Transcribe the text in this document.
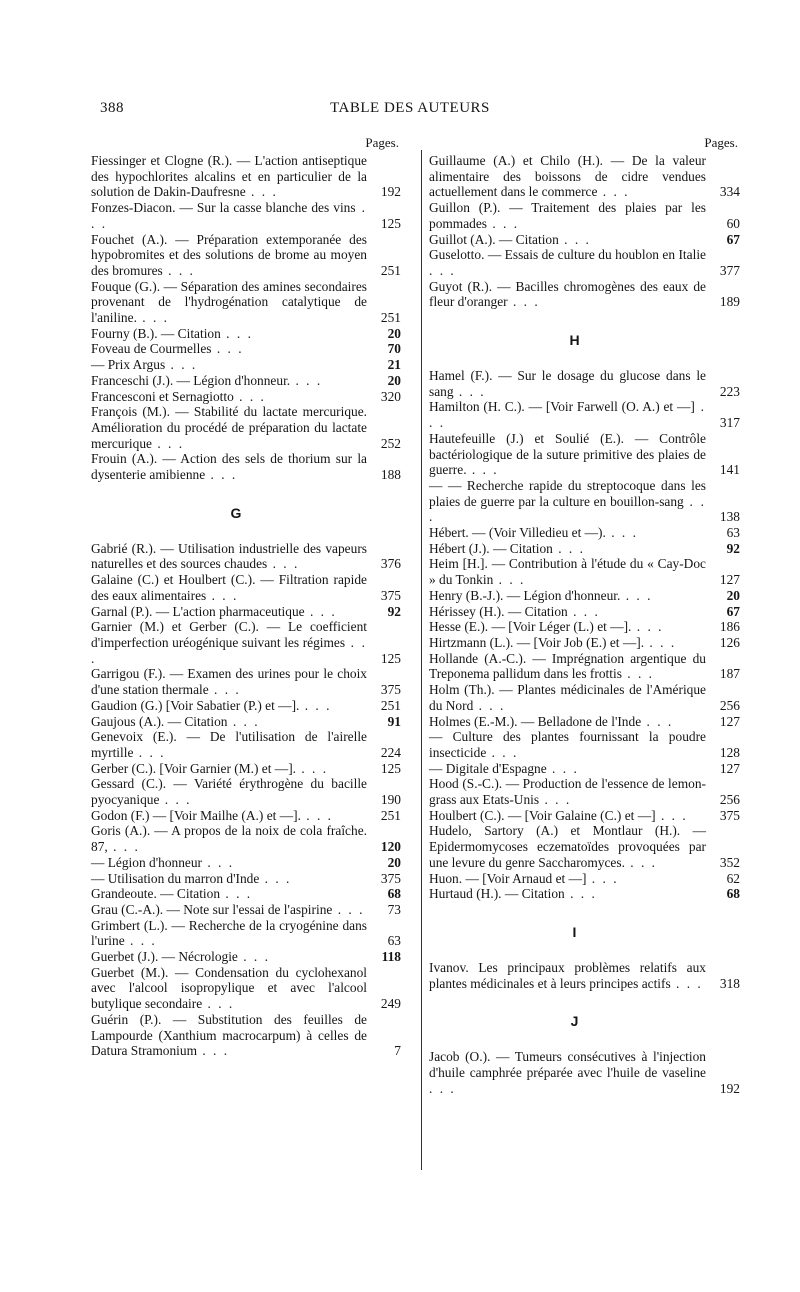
388	TABLE DES AUTEURS
Pages.
Fiessinger et Clogne (R.). — L'action antiseptique des hypochlorites alcalins et en particulier de la solution de Dakin-Daufresne . . .	192
Fonzes-Diacon. — Sur la casse blanche des vins . . .	125
Fouchet (A.). — Préparation extemporanée des hypobromites et des solutions de brome au moyen des bromures . . .	251
Fouque (G.). — Séparation des amines secondaires provenant de l'hydrogénation catalytique de l'aniline. . . .	251
Fourny (B.). — Citation . . .	20
Foveau de Courmelles . . .	70
— Prix Argus . . .	21
Franceschi (J.). — Légion d'honneur. . . .	20
Francesconi et Sernagiotto . . .	320
François (M.). — Stabilité du lactate mercurique. Amélioration du procédé de préparation du lactate mercurique . . .	252
Frouin (A.). — Action des sels de thorium sur la dysenterie amibienne . . .	188
G
Gabrié (R.). — Utilisation industrielle des vapeurs naturelles et des sources chaudes . . .	376
Galaine (C.) et Houlbert (C.). — Filtration rapide des eaux alimentaires . . .	375
Garnal (P.). — L'action pharmaceutique . . .	92
Garnier (M.) et Gerber (C.). — Le coefficient d'imperfection uréogénique suivant les régimes . . .	125
Garrigou (F.). — Examen des urines pour le choix d'une station thermale . . .	375
Gaudion (G.) [Voir Sabatier (P.) et —]. . . .	251
Gaujous (A.). — Citation . . .	91
Genevoix (E.). — De l'utilisation de l'airelle myrtille . . .	224
Gerber (C.). [Voir Garnier (M.) et —]. . . .	125
Gessard (C.). — Variété érythrogène du bacille pyocyanique . . .	190
Godon (F.) — [Voir Mailhe (A.) et —]. . . .	251
Goris (A.). — A propos de la noix de cola fraîche. 87, . . .	120
— Légion d'honneur . . .	20
— Utilisation du marron d'Inde . . .	375
Grandeoute. — Citation . . .	68
Grau (C.-A.). — Note sur l'essai de l'aspirine . . .	73
Grimbert (L.). — Recherche de la cryogénine dans l'urine . . .	63
Guerbet (J.). — Nécrologie . . .	118
Guerbet (M.). — Condensation du cyclohexanol avec l'alcool isopropylique et avec l'alcool butylique secondaire . . .	249
Guérin (P.). — Substitution des feuilles de Lampourde (Xanthium macrocarpum) à celles de Datura Stramonium . . .	7
Pages.
Guillaume (A.) et Chilo (H.). — De la valeur alimentaire des boissons de cidre vendues actuellement dans le commerce . . .	334
Guillon (P.). — Traitement des plaies par les pommades . . .	60
Guillot (A.). — Citation . . .	67
Guselotto. — Essais de culture du houblon en Italie . . .	377
Guyot (R.). — Bacilles chromogènes des eaux de fleur d'oranger . . .	189
H
Hamel (F.). — Sur le dosage du glucose dans le sang . . .	223
Hamilton (H. C.). — [Voir Farwell (O. A.) et —] . . .	317
Hautefeuille (J.) et Soulié (E.). — Contrôle bactériologique de la suture primitive des plaies de guerre. . . .	141
— — Recherche rapide du streptocoque dans les plaies de guerre par la culture en bouillon-sang . . .	138
Hébert. — (Voir Villedieu et —). . . .	63
Hébert (J.). — Citation . . .	92
Heim [H.]. — Contribution à l'étude du « Cay-Doc » du Tonkin . . .	127
Henry (B.-J.). — Légion d'honneur. . . .	20
Hérissey (H.). — Citation . . .	67
Hesse (E.). — [Voir Léger (L.) et —]. . . .	186
Hirtzmann (L.). — [Voir Job (E.) et —]. . . .	126
Hollande (A.-C.). — Imprégnation argentique du Treponema pallidum dans les frottis . . .	187
Holm (Th.). — Plantes médicinales de l'Amérique du Nord . . .	256
Holmes (E.-M.). — Belladone de l'Inde . . .	127
— Culture des plantes fournissant la poudre insecticide . . .	128
— Digitale d'Espagne . . .	127
Hood (S.-C.). — Production de l'essence de lemon-grass aux Etats-Unis . . .	256
Houlbert (C.). — [Voir Galaine (C.) et —] . . .	375
Hudelo, Sartory (A.) et Montlaur (H.). — Epidermomycoses eczematoïdes provoquées par une levure du genre Saccharomyces. . . .	352
Huon. — [Voir Arnaud et —] . . .	62
Hurtaud (H.). — Citation . . .	68
I
Ivanov. Les principaux problèmes relatifs aux plantes médicinales et à leurs principes actifs . . .	318
J
Jacob (O.). — Tumeurs consécutives à l'injection d'huile camphrée préparée avec l'huile de vaseline . . .	192
